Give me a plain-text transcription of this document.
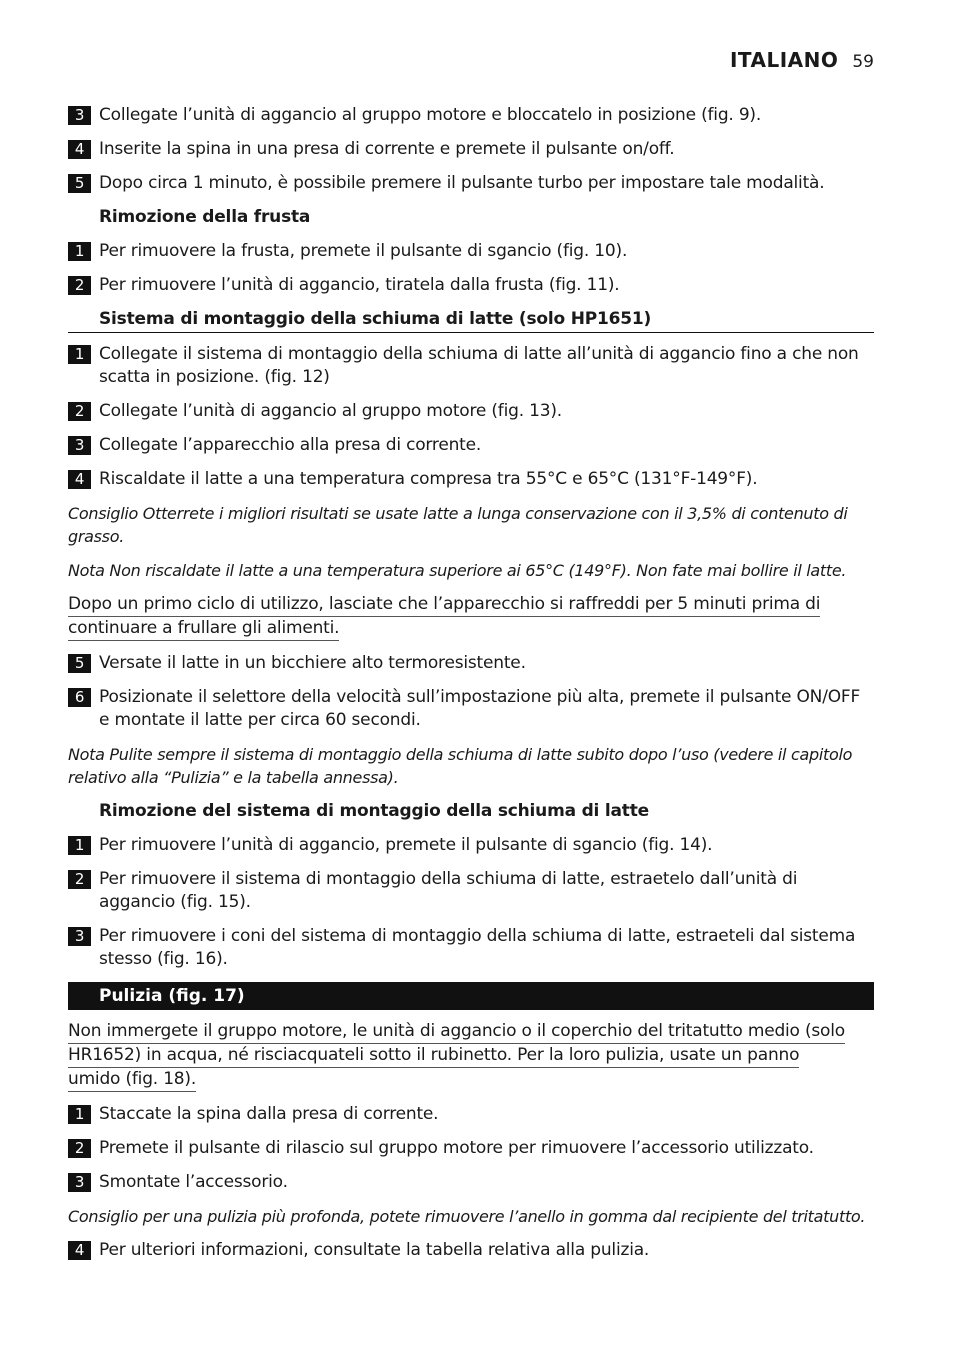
ITALIANO 59
3 Collegate l’unità di aggancio al gruppo motore e bloccatelo in posizione (fig. 9).
4 Inserite la spina in una presa di corrente e premete il pulsante on/off.
5 Dopo circa 1 minuto, è possibile premere il pulsante turbo per impostare tale modalità.
Rimozione della frusta
1 Per rimuovere la frusta, premete il pulsante di sgancio (fig. 10).
2 Per rimuovere l’unità di aggancio, tiratela dalla frusta (fig. 11).
Sistema di montaggio della schiuma di latte (solo HP1651)
1 Collegate il sistema di montaggio della schiuma di latte all’unità di aggancio fino a che non scatta in posizione. (fig. 12)
2 Collegate l’unità di aggancio al gruppo motore (fig. 13).
3 Collegate l’apparecchio alla presa di corrente.
4 Riscaldate il latte a una temperatura compresa tra 55°C e 65°C (131°F-149°F).
Consiglio Otterrete i migliori risultati se usate latte a lunga conservazione con il 3,5% di contenuto di grasso.
Nota Non riscaldate il latte a una temperatura superiore ai 65°C (149°F). Non fate mai bollire il latte.
Dopo un primo ciclo di utilizzo, lasciate che l’apparecchio si raffreddi per 5 minuti prima di
continuare a frullare gli alimenti.
5 Versate il latte in un bicchiere alto termoresistente.
6 Posizionate il selettore della velocità sull’impostazione più alta, premete il pulsante ON/OFF e montate il latte per circa 60 secondi.
Nota Pulite sempre il sistema di montaggio della schiuma di latte subito dopo l’uso (vedere il capitolo relativo alla “Pulizia” e la tabella annessa).
Rimozione del sistema di montaggio della schiuma di latte
1 Per rimuovere l’unità di aggancio, premete il pulsante di sgancio (fig. 14).
2 Per rimuovere il sistema di montaggio della schiuma di latte, estraetelo dall’unità di aggancio (fig. 15).
3 Per rimuovere i coni del sistema di montaggio della schiuma di latte, estraeteli dal sistema stesso (fig. 16).
Pulizia (fig. 17)
Non immergete il gruppo motore, le unità di aggancio o il coperchio del tritatutto medio (solo
HR1652) in acqua, né risciacquateli sotto il rubinetto. Per la loro pulizia, usate un panno
umido (fig. 18).
1 Staccate la spina dalla presa di corrente.
2 Premete il pulsante di rilascio sul gruppo motore per rimuovere l’accessorio utilizzato.
3 Smontate l’accessorio.
Consiglio per una pulizia più profonda, potete rimuovere l’anello in gomma dal recipiente del tritatutto.
4 Per ulteriori informazioni, consultate la tabella relativa alla pulizia.
